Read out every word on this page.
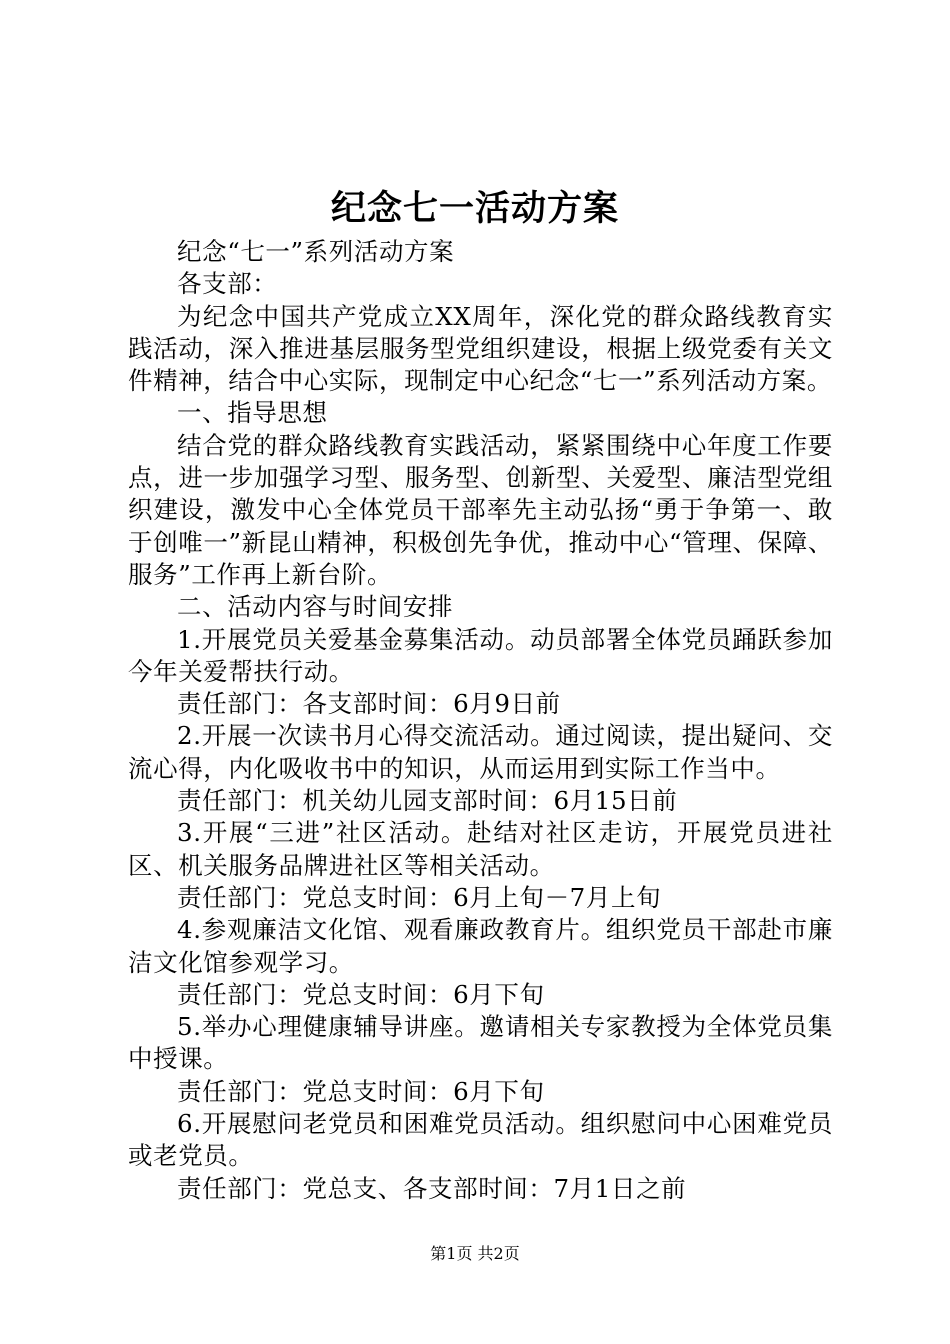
纪念七一活动方案

纪念“七一”系列活动方案

各支部：

为纪念中国共产党成立XX周年，深化党的群众路线教育实践活动，深入推进基层服务型党组织建设，根据上级党委有关文件精神，结合中心实际，现制定中心纪念“七一”系列活动方案。

一、指导思想

结合党的群众路线教育实践活动，紧紧围绕中心年度工作要点，进一步加强学习型、服务型、创新型、关爱型、廉洁型党组织建设，激发中心全体党员干部率先主动弘扬“勇于争第一、敢于创唯一”新昆山精神，积极创先争优，推动中心“管理、保障、服务”工作再上新台阶。

二、活动内容与时间安排

1.开展党员关爱基金募集活动。动员部署全体党员踊跃参加今年关爱帮扶行动。

责任部门：各支部时间：6月9日前

2.开展一次读书月心得交流活动。通过阅读，提出疑问、交流心得，内化吸收书中的知识，从而运用到实际工作当中。

责任部门：机关幼儿园支部时间：6月15日前

3.开展“三进”社区活动。赴结对社区走访，开展党员进社区、机关服务品牌进社区等相关活动。

责任部门：党总支时间：6月上旬－7月上旬

4.参观廉洁文化馆、观看廉政教育片。组织党员干部赴市廉洁文化馆参观学习。

责任部门：党总支时间：6月下旬

5.举办心理健康辅导讲座。邀请相关专家教授为全体党员集中授课。

责任部门：党总支时间：6月下旬

6.开展慰问老党员和困难党员活动。组织慰问中心困难党员或老党员。

责任部门：党总支、各支部时间：7月1日之前

第1页 共2页
